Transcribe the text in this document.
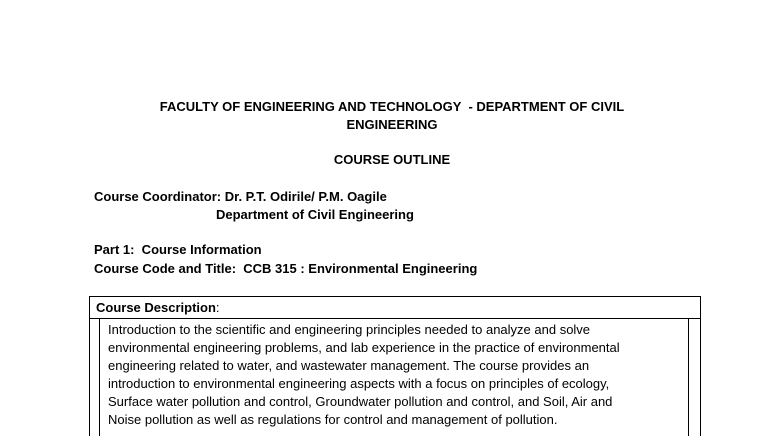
FACULTY OF ENGINEERING AND TECHNOLOGY  - DEPARTMENT OF CIVIL
ENGINEERING
COURSE OUTLINE
Course Coordinator: Dr. P.T. Odirile/ P.M. Oagile
Department of Civil Engineering
Part 1:  Course Information
Course Code and Title:  CCB 315 : Environmental Engineering
Course Description:
Introduction to the scientific and engineering principles needed to analyze and solve
environmental engineering problems, and lab experience in the practice of environmental
engineering related to water, and wastewater management. The course provides an
introduction to environmental engineering aspects with a focus on principles of ecology,
Surface water pollution and control, Groundwater pollution and control, and Soil, Air and
Noise pollution as well as regulations for control and management of pollution.
